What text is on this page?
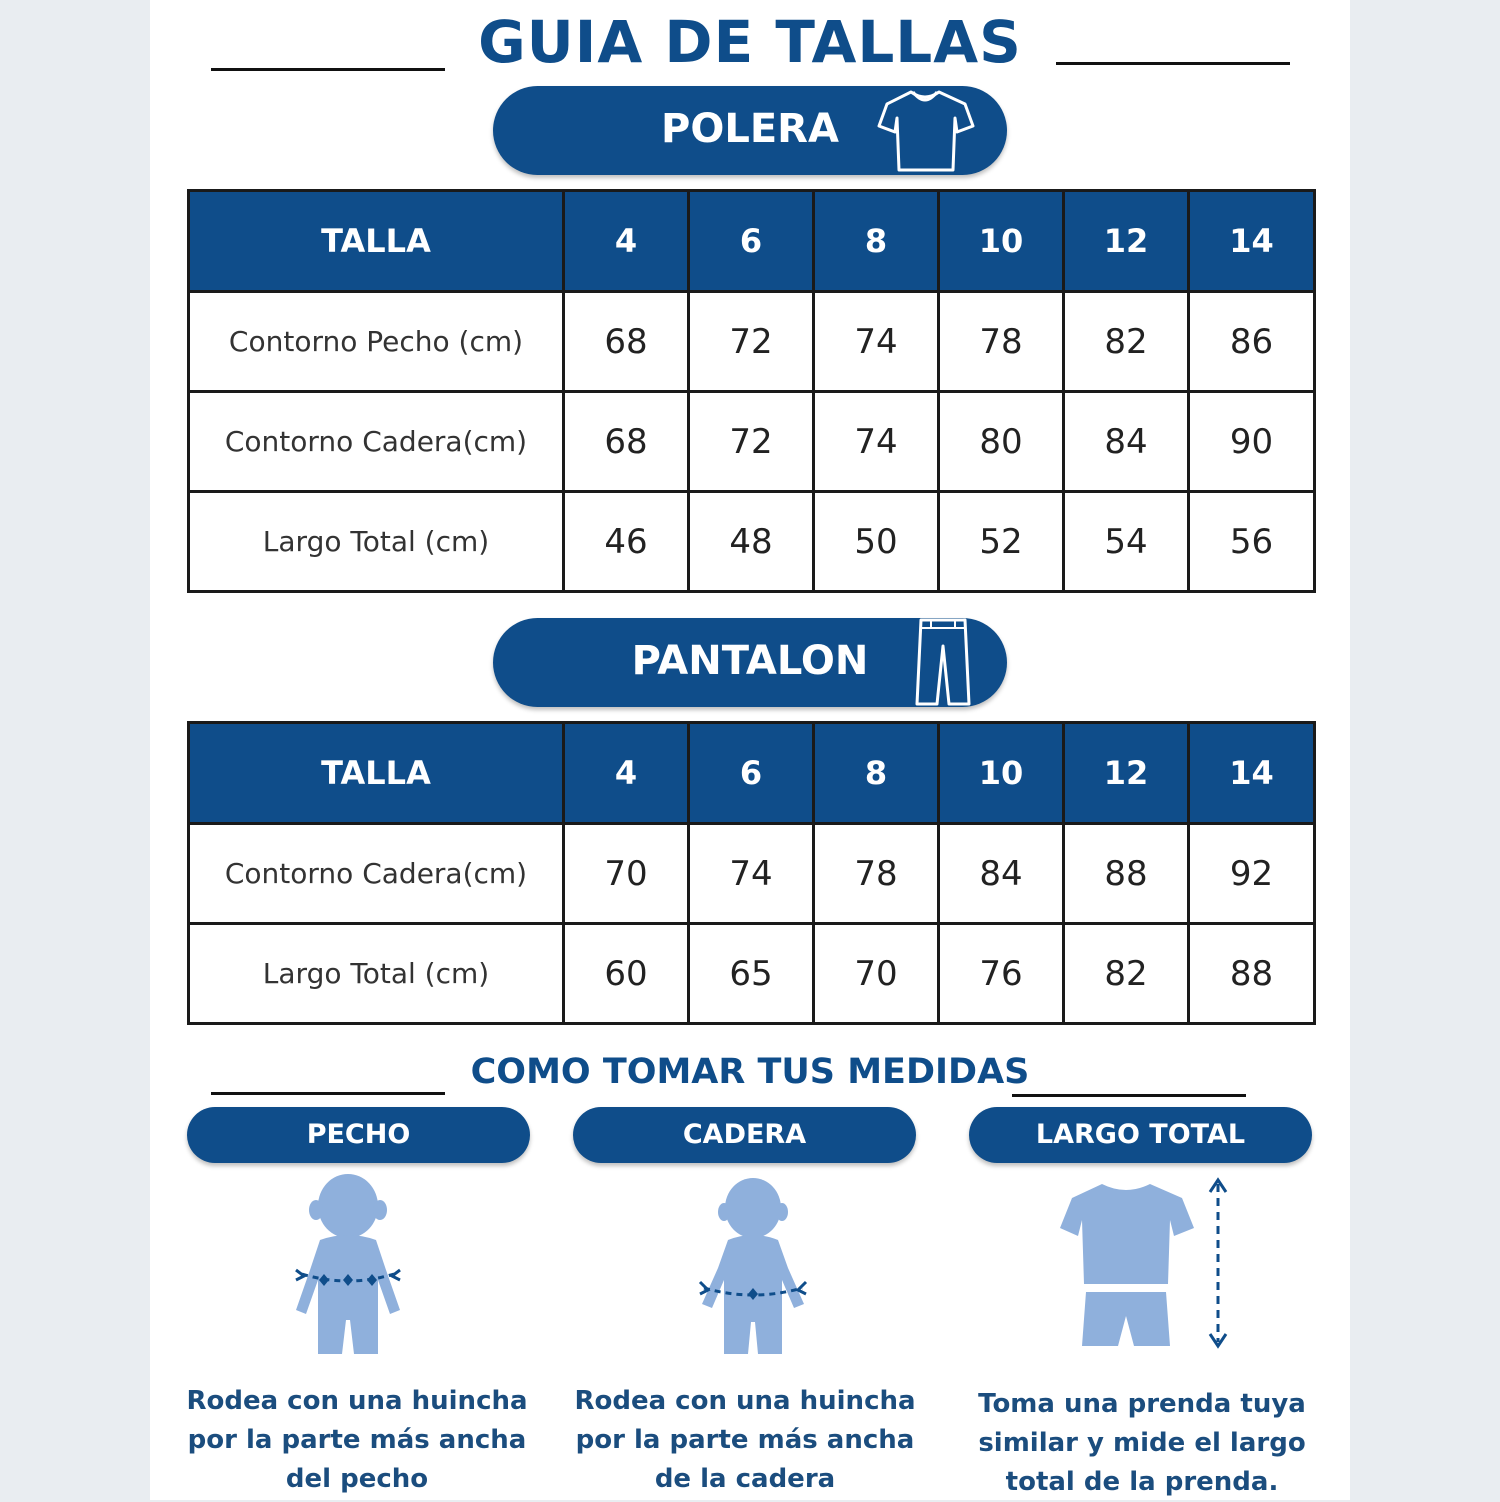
GUIA DE TALLAS
POLERA
TALLA	4	6	8	10	12	14
Contorno Pecho (cm)	68	72	74	78	82	86
Contorno Cadera(cm)	68	72	74	80	84	90
Largo Total (cm)	46	48	50	52	54	56
PANTALON
TALLA	4	6	8	10	12	14
Contorno Cadera(cm)	70	74	78	84	88	92
Largo Total (cm)	60	65	70	76	82	88
COMO TOMAR TUS MEDIDAS
PECHO	CADERA	LARGO TOTAL
Rodea con una huincha por la parte más ancha del pecho
Rodea con una huincha por la parte más ancha de la cadera
Toma una prenda tuya similar y mide el largo total de la prenda.
